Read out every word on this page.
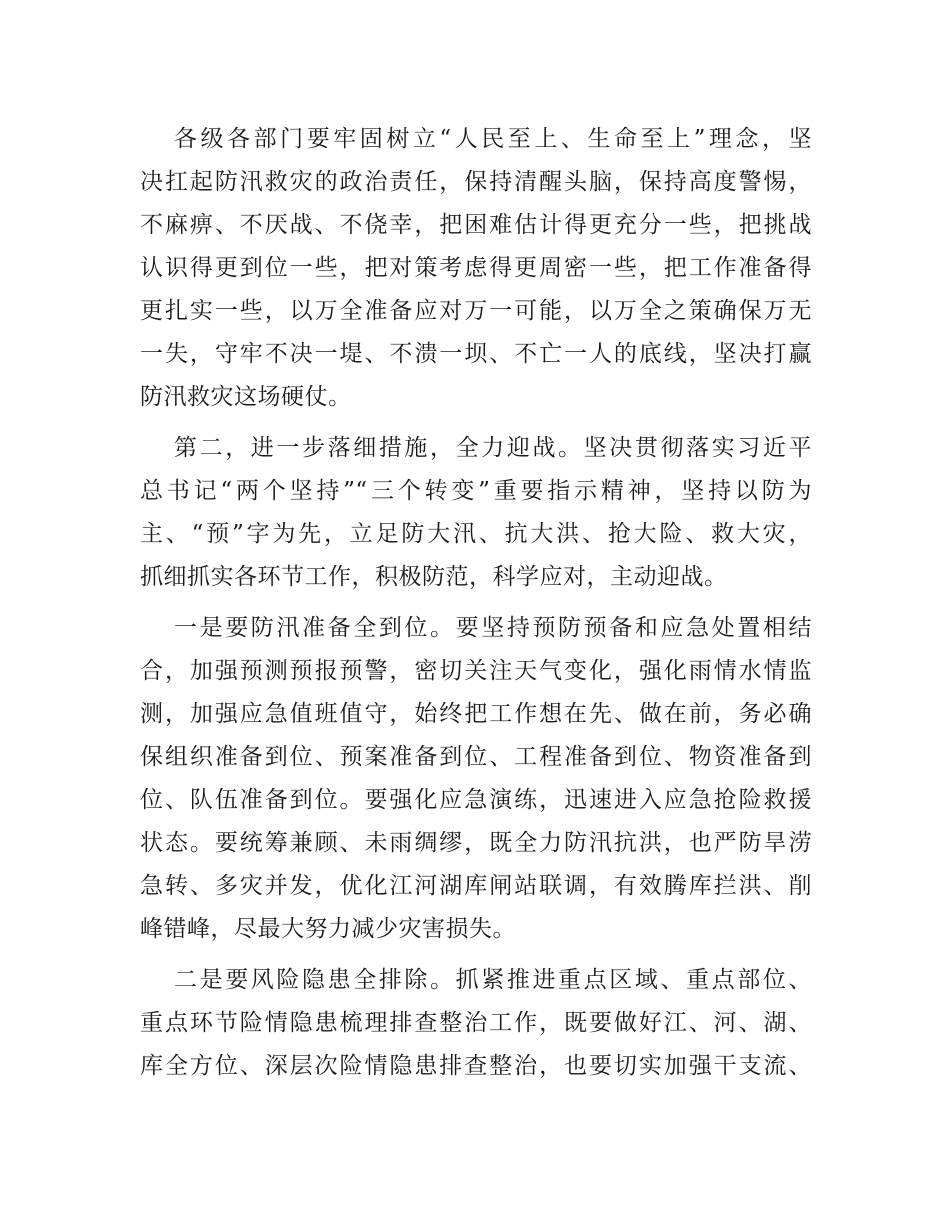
各级各部门要牢固树立“人民至上、生命至上”理念，坚
决扛起防汛救灾的政治责任，保持清醒头脑，保持高度警惕，
不麻痹、不厌战、不侥幸，把困难估计得更充分一些，把挑战
认识得更到位一些，把对策考虑得更周密一些，把工作准备得
更扎实一些，以万全准备应对万一可能，以万全之策确保万无
一失，守牢不决一堤、不溃一坝、不亡一人的底线，坚决打赢
防汛救灾这场硬仗。
第二，进一步落细措施，全力迎战。坚决贯彻落实习近平
总书记“两个坚持”“三个转变”重要指示精神，坚持以防为
主、“预”字为先，立足防大汛、抗大洪、抢大险、救大灾，
抓细抓实各环节工作，积极防范，科学应对，主动迎战。
一是要防汛准备全到位。要坚持预防预备和应急处置相结
合，加强预测预报预警，密切关注天气变化，强化雨情水情监
测，加强应急值班值守，始终把工作想在先、做在前，务必确
保组织准备到位、预案准备到位、工程准备到位、物资准备到
位、队伍准备到位。要强化应急演练，迅速进入应急抢险救援
状态。要统筹兼顾、未雨绸缪，既全力防汛抗洪，也严防旱涝
急转、多灾并发，优化江河湖库闸站联调，有效腾库拦洪、削
峰错峰，尽最大努力减少灾害损失。
二是要风险隐患全排除。抓紧推进重点区域、重点部位、
重点环节险情隐患梳理排查整治工作，既要做好江、河、湖、
库全方位、深层次险情隐患排查整治，也要切实加强干支流、
